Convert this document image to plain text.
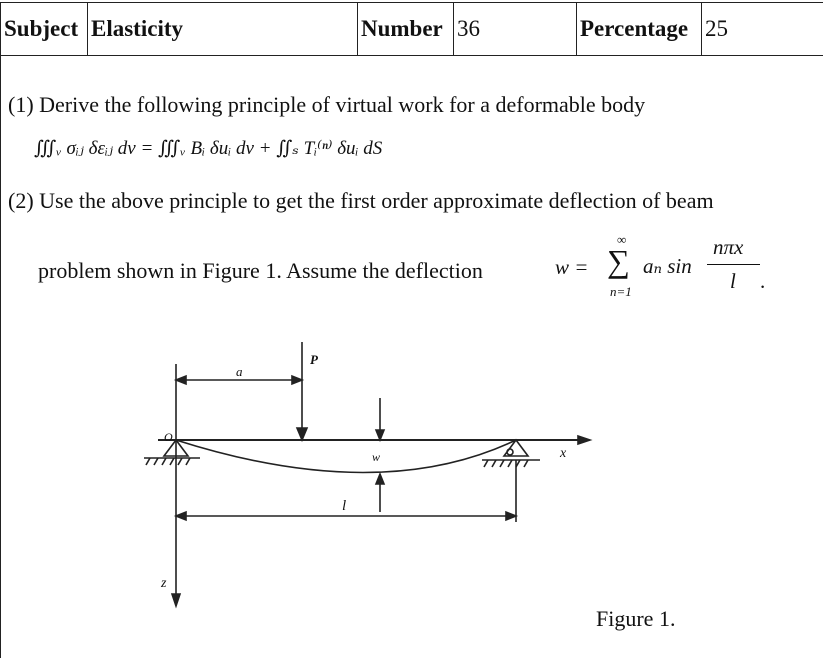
Subject Elasticity	Number 36	Percentage 25
(1) Derive the following principle of virtual work for a deformable body
∭ᵥ σᵢⱼ δεᵢⱼ dv = ∭ᵥ Bᵢ δuᵢ dv + ∬ₛ Tᵢ⁽ⁿ⁾ δuᵢ dS
(2) Use the above principle to get the first order approximate deflection of beam
problem shown in Figure 1. Assume the deflection	w =
∞
∑
n=1
aₙ sin
nπx
l .
a
P
O
w	x
l
z
Figure 1.
